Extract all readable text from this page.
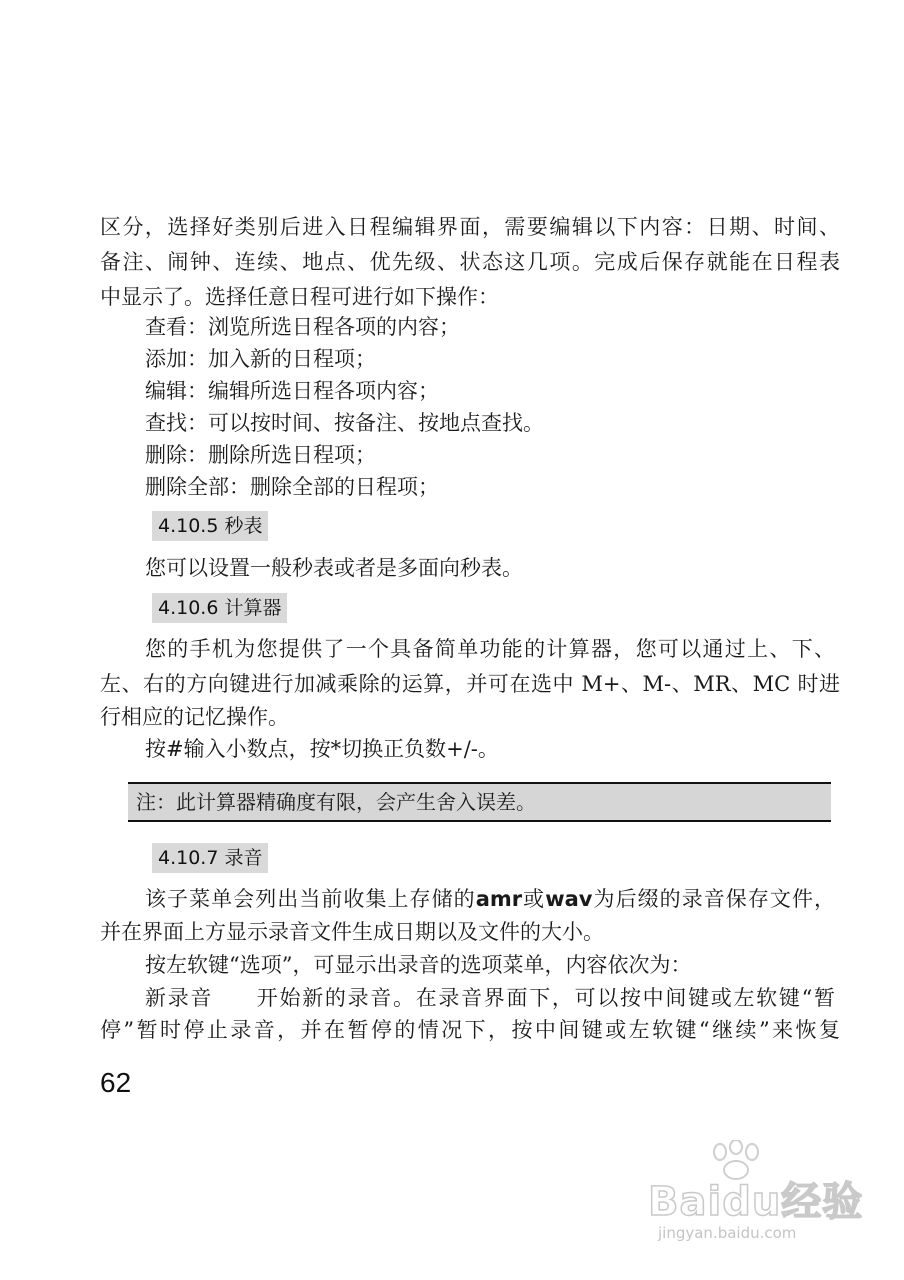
区分，选择好类别后进入日程编辑界面，需要编辑以下内容：日期、时间、
备注、闹钟、连续、地点、优先级、状态这几项。完成后保存就能在日程表
中显示了。选择任意日程可进行如下操作：
查看：浏览所选日程各项的内容；
添加：加入新的日程项；
编辑：编辑所选日程各项内容；
查找：可以按时间、按备注、按地点查找。
删除：删除所选日程项；
删除全部：删除全部的日程项；
4.10.5 秒表
您可以设置一般秒表或者是多面向秒表。
4.10.6 计算器
您的手机为您提供了一个具备简单功能的计算器，您可以通过上、下、
左、右的方向键进行加减乘除的运算，并可在选中 M+、M-、MR、MC 时进
行相应的记忆操作。
按#输入小数点，按*切换正负数+/-。
注：此计算器精确度有限，会产生舍入误差。
4.10.7 录音
该子菜单会列出当前收集上存储的amr或wav为后缀的录音保存文件，
并在界面上方显示录音文件生成日期以及文件的大小。
按左软键“选项”，可显示出录音的选项菜单，内容依次为：
新录音 开始新的录音。在录音界面下，可以按中间键或左软键“暂
停”暂时停止录音，并在暂停的情况下，按中间键或左软键“继续”来恢复
62
Baidu经验
jingyan.baidu.com
